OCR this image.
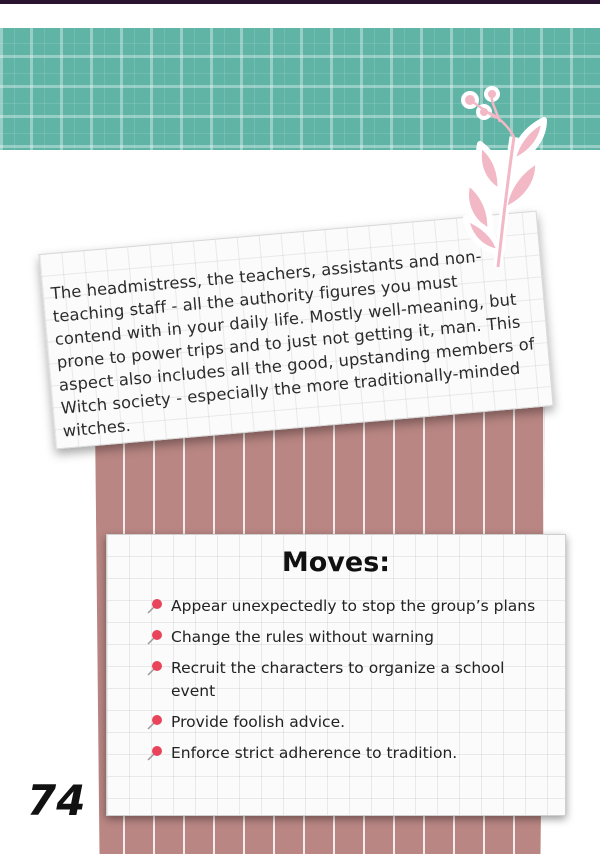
The headmistress, the teachers, assistants and non-teaching staff - all the authority figures you must contend with in your daily life. Mostly well-meaning, but prone to power trips and to just not getting it, man. This aspect also includes all the good, upstanding members of Witch society - especially the more traditionally-minded witches.

Moves:
Appear unexpectedly to stop the group’s plans
Change the rules without warning
Recruit the characters to organize a school event
Provide foolish advice.
Enforce strict adherence to tradition.
74
